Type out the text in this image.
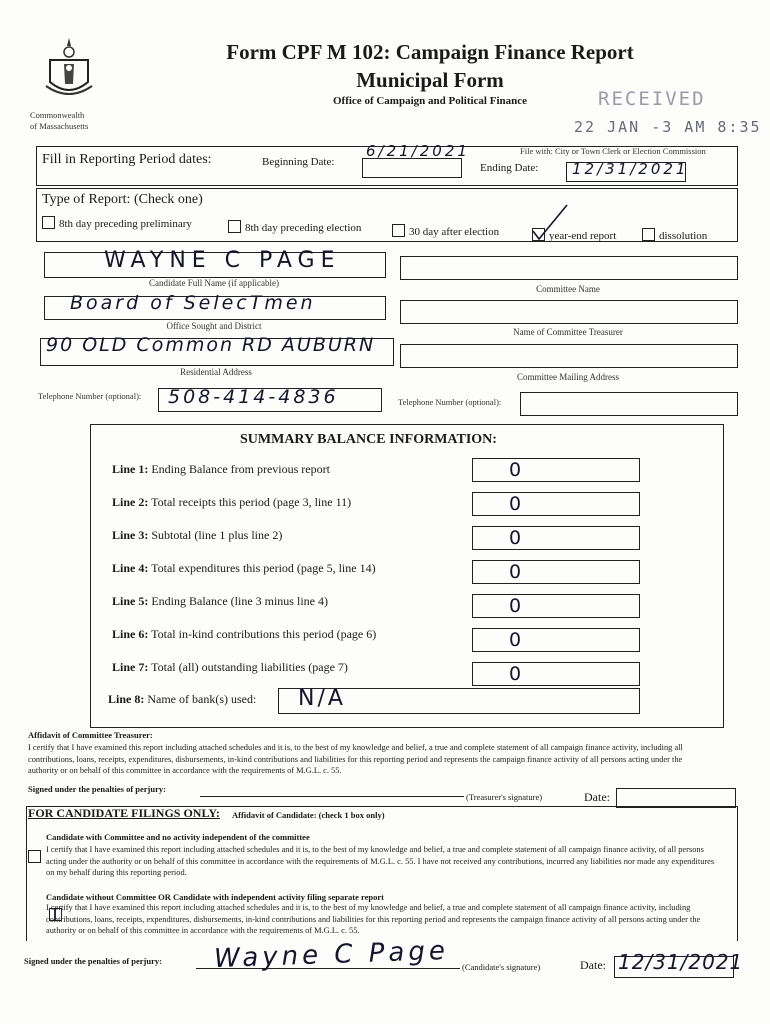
Commonwealth
of Massachusetts
Form CPF M 102: Campaign Finance Report
Municipal Form
Office of Campaign and Political Finance	RECEIVED
22 JAN -3 AM 8:35
File with: City or Town Clerk or Election Commission
Fill in Reporting Period dates:	Beginning Date:
6/21/2021
Ending Date: 12/31/2021
Type of Report: (Check one)
8th day preceding preliminary	8th day preceding election	30 day after election	year-end report	dissolution
WAYNE C PAGE
Candidate Full Name (if applicable)
Board of SelecTmen
Office Sought and District
90 OLD Common RD AUBURN
Residential Address
Telephone Number (optional): 508-414-4836
Committee Name
Name of Committee Treasurer
Committee Mailing Address
Telephone Number (optional):
SUMMARY BALANCE INFORMATION:
Line 1: Ending Balance from previous report	0
Line 2: Total receipts this period (page 3, line 11)	0
Line 3: Subtotal (line 1 plus line 2)	0
Line 4: Total expenditures this period (page 5, line 14)	0
Line 5: Ending Balance (line 3 minus line 4)	0
Line 6: Total in-kind contributions this period (page 6)	0
Line 7: Total (all) outstanding liabilities (page 7)	0
Line 8: Name of bank(s) used: N/A
Affidavit of Committee Treasurer:
I certify that I have examined this report including attached schedules and it is, to the best of my knowledge and belief, a true and complete statement of all campaign finance activity, including all contributions, loans, receipts, expenditures, disbursements, in-kind contributions and liabilities for this reporting period and represents the campaign finance activity of all persons acting under the authority or on behalf of this committee in accordance with the requirements of M.G.L. c. 55.
Signed under the penalties of perjury:
(Treasurer's signature)	Date:
FOR CANDIDATE FILINGS ONLY: Affidavit of Candidate: (check 1 box only)
Candidate with Committee and no activity independent of the committee

I certify that I have examined this report including attached schedules and it is, to the best of my knowledge and belief, a true and complete statement of all campaign finance activity, of all persons acting under the authority or on behalf of this committee in accordance with the requirements of M.G.L. c. 55. I have not received any contributions, incurred any liabilities nor made any expenditures on my behalf during this reporting period.
Candidate without Committee OR Candidate with independent activity filing separate report
I certify that I have examined this report including attached schedules and it is, to the best of my knowledge and belief, a true and complete statement of all campaign finance activity, including contributions, loans, receipts, expenditures, disbursements, in-kind contributions and liabilities for this reporting period and represents the campaign finance activity of all persons acting under the authority or on behalf of this committee in accordance with the requirements of M.G.L. c. 55.
Signed under the penalties of perjury: Wayne C Page (Candidate's signature)	Date: 12/31/2021
